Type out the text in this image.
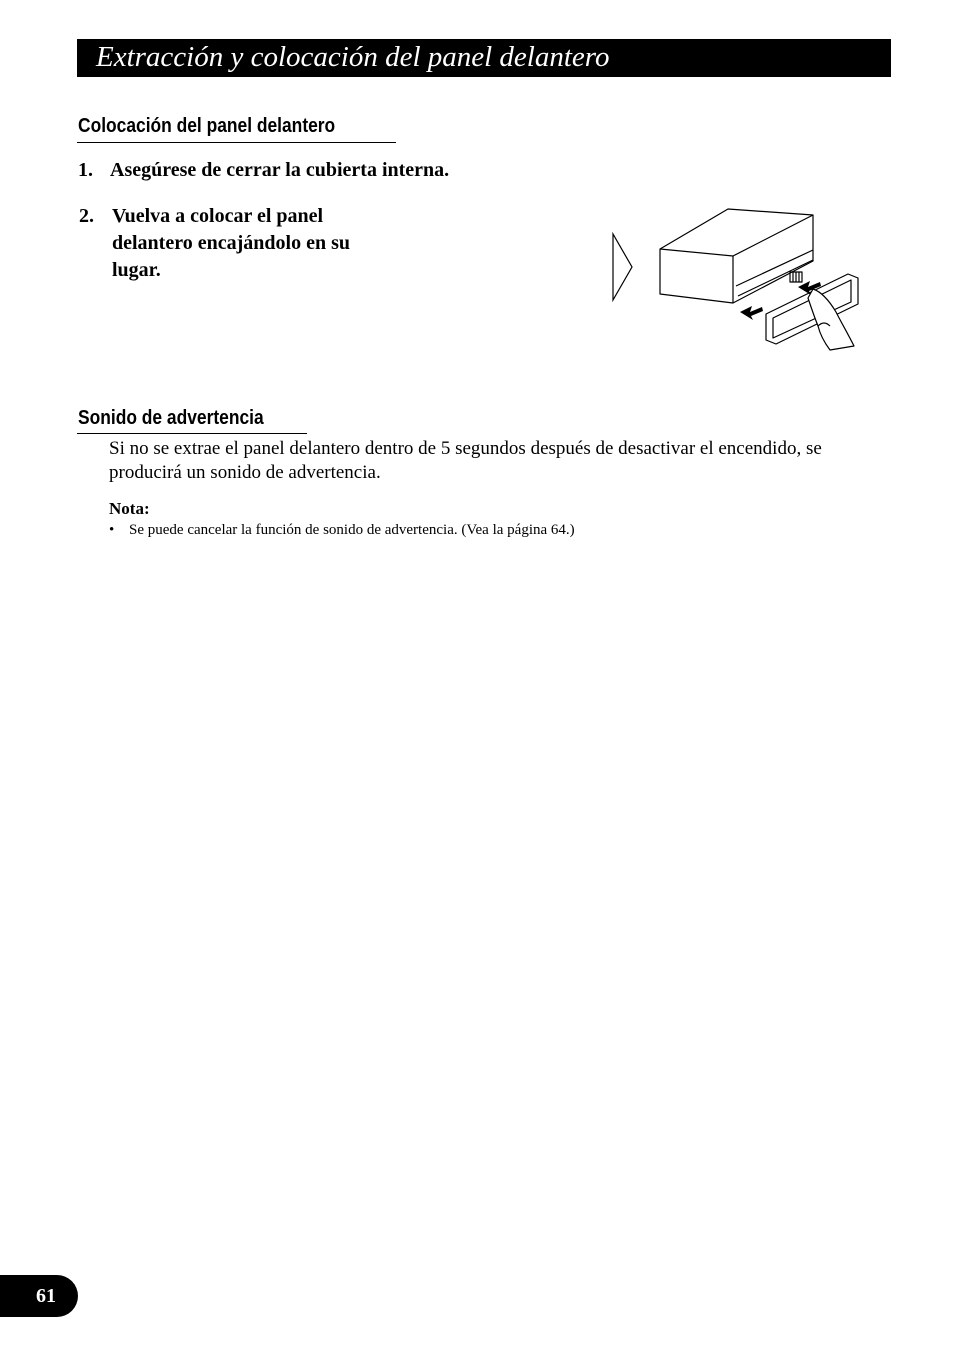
Extracción y colocación del panel delantero
Colocación del panel delantero
1. Asegúrese de cerrar la cubierta interna.
2. Vuelva a colocar el panel delantero encajándolo en su lugar.
Sonido de advertencia
Si no se extrae el panel delantero dentro de 5 segundos después de desactivar el encendido, se producirá un sonido de advertencia.
Nota:
• Se puede cancelar la función de sonido de advertencia. (Vea la página 64.)
61
